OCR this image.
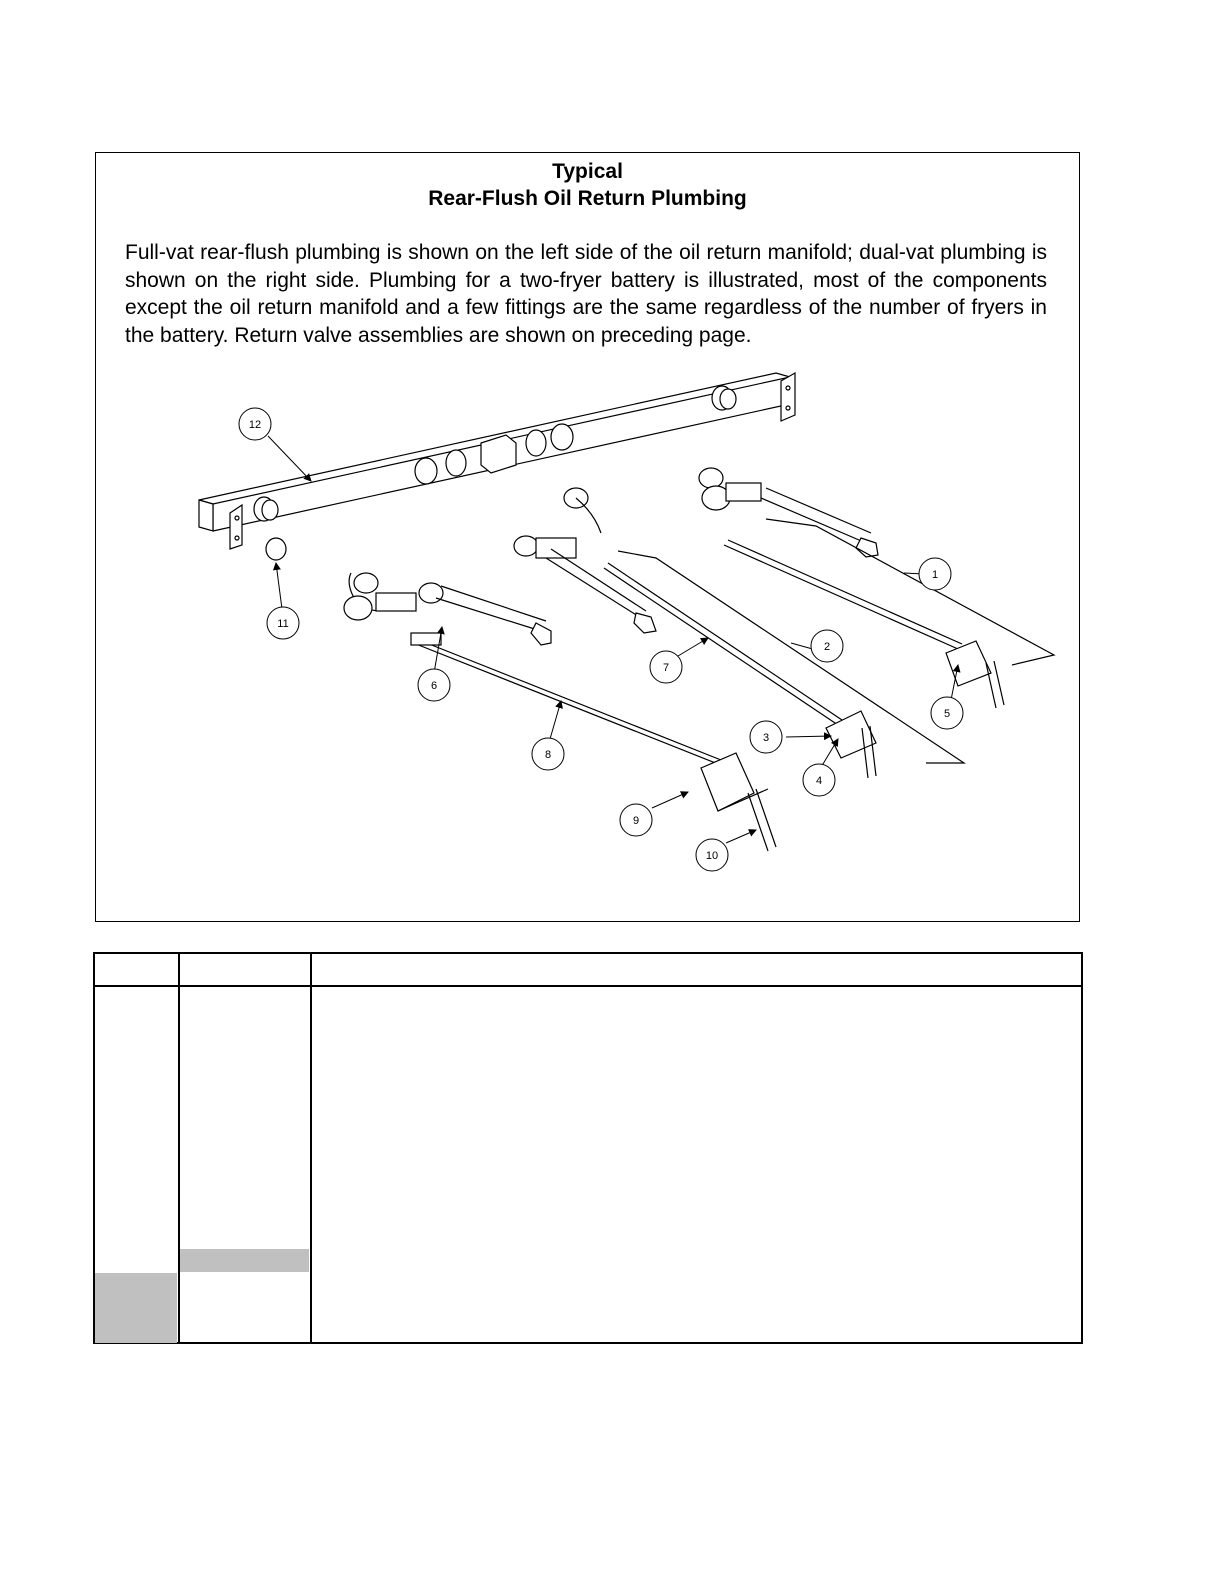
Typical
Rear-Flush Oil Return Plumbing

Full-vat rear-flush plumbing is shown on the left side of the oil return manifold; dual-vat plumbing is shown on the right side. Plumbing for a two-fryer battery is illustrated, most of the components except the oil return manifold and a few fittings are the same regardless of the number of fryers in the battery. Return valve assemblies are shown on preceding page.

1
2
3
4
5
6
7
8
9
10
11
12
